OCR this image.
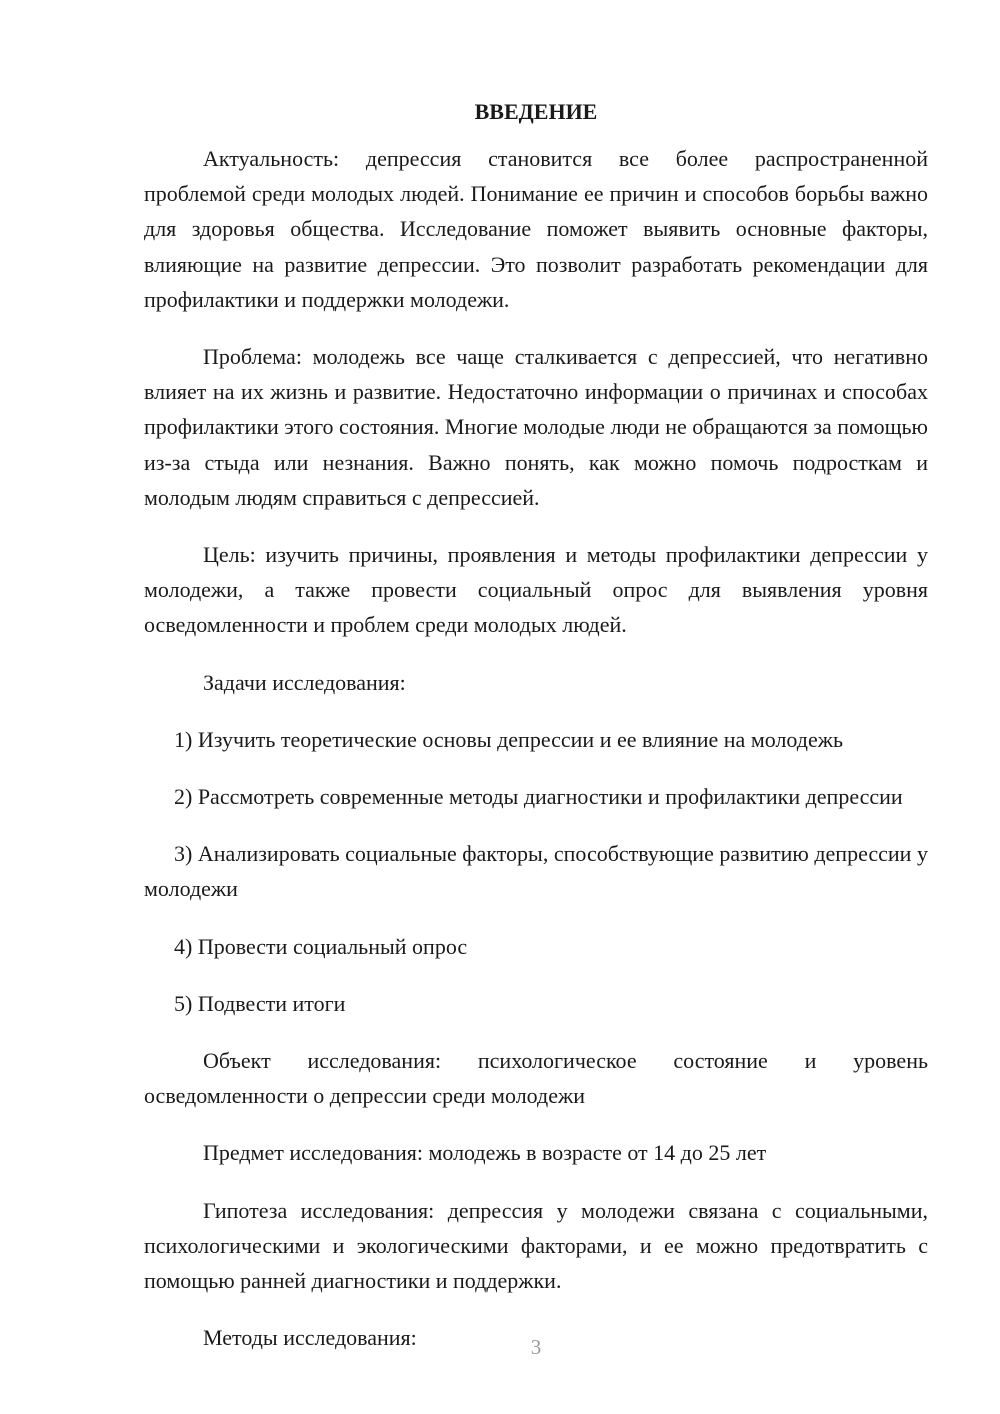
ВВЕДЕНИЕ

Актуальность: депрессия становится все более распространенной проблемой среди молодых людей. Понимание ее причин и способов борьбы важно для здоровья общества. Исследование поможет выявить основные факторы, влияющие на развитие депрессии. Это позволит разработать рекомендации для профилактики и поддержки молодежи.

Проблема: молодежь все чаще сталкивается с депрессией, что негативно влияет на их жизнь и развитие. Недостаточно информации о причинах и способах профилактики этого состояния. Многие молодые люди не обращаются за помощью из-за стыда или незнания. Важно понять, как можно помочь подросткам и молодым людям справиться с депрессией.

Цель: изучить причины, проявления и методы профилактики депрессии у молодежи, а также провести социальный опрос для выявления уровня осведомленности и проблем среди молодых людей.

Задачи исследования:

1) Изучить теоретические основы депрессии и ее влияние на молодежь

2) Рассмотреть современные методы диагностики и профилактики депрессии

3) Анализировать социальные факторы, способствующие развитию депрессии у молодежи

4) Провести социальный опрос

5) Подвести итоги

Объект исследования: психологическое состояние и уровень осведомленности о депрессии среди молодежи

Предмет исследования: молодежь в возрасте от 14 до 25 лет

Гипотеза исследования: депрессия у молодежи связана с социальными, психологическими и экологическими факторами, и ее можно предотвратить с помощью ранней диагностики и поддержки.

Методы исследования:	3
